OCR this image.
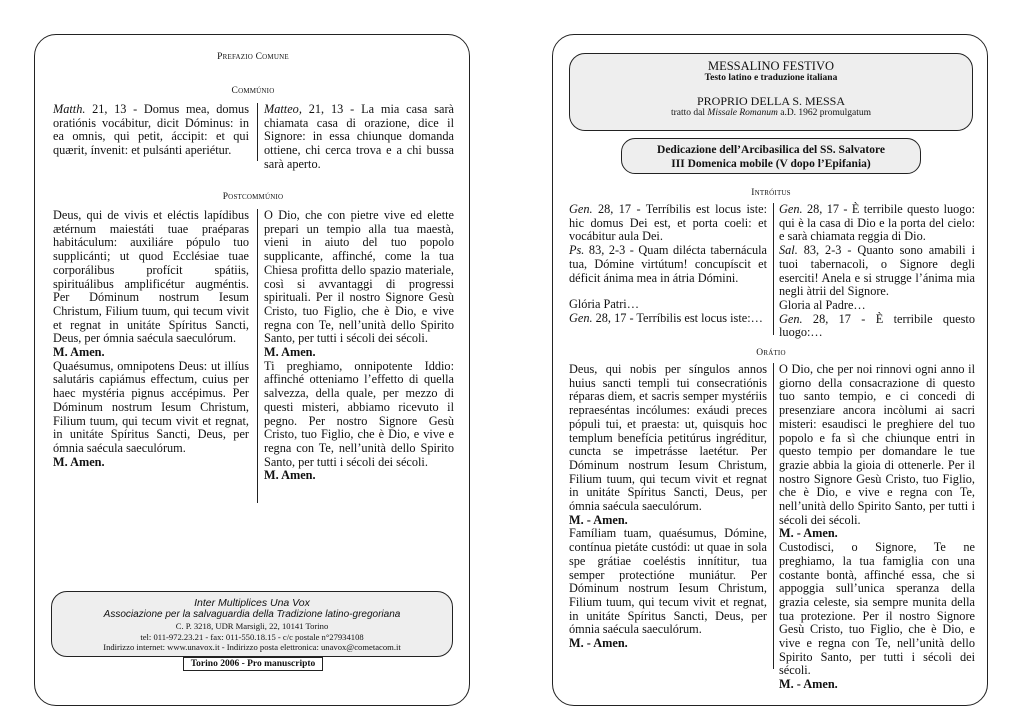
Prefazio Comune
Commúnio

Matth. 21, 13 - Domus mea, domus oratiónis vocábitur, dicit Dóminus: in ea omnis, qui petit, áccipit: et qui quærit, ínvenit: et pulsánti aperiétur.

Matteo, 21, 13 - La mia casa sarà chiamata casa di orazione, dice il Signore: in essa chiunque domanda ottiene, chi cerca trova e a chi bussa sarà aperto.

Postcommúnio

Deus, qui de vivis et eléctis lapídibus ætérnum maiestáti tuae praéparas habitáculum: auxiliáre pópulo tuo supplicánti; ut quod Ecclésiae tuae corporálibus profícit spátiis, spirituálibus amplificétur augméntis. Per Dóminum nostrum Iesum Christum, Filium tuum, qui tecum vivit et regnat in unitáte Spíritus Sancti, Deus, per ómnia saécula saeculórum.

M. Amen.

Quaésumus, omnipotens Deus: ut illíus salutáris capiámus effectum, cuius per haec mystéria pignus accépimus. Per Dóminum nostrum Iesum Christum, Filium tuum, qui tecum vivit et regnat, in unitáte Spíritus Sancti, Deus, per ómnia saécula saeculórum.

M. Amen.

O Dio, che con pietre vive ed elette prepari un tempio alla tua maestà, vieni in aiuto del tuo popolo supplicante, affinché, come la tua Chiesa profitta dello spazio materiale, così si avvantaggi di progressi spirituali. Per il nostro Signore Gesù Cristo, tuo Figlio, che è Dio, e vive regna con Te, nell’unità dello Spirito Santo, per tutti i sécoli dei sécoli.

M. Amen.

Ti preghiamo, onnipotente Iddio: affinché otteniamo l’effetto di quella salvezza, della quale, per mezzo di questi misteri, abbiamo ricevuto il pegno. Per nostro Signore Gesù Cristo, tuo Figlio, che è Dio, e vive e regna con Te, nell’unità dello Spirito Santo, per tutti i sécoli dei sécoli.

M. Amen.

Inter Multiplices Una Vox
Associazione per la salvaguardia della Tradizione latino-gregoriana
C. P. 3218, UDR Marsigli, 22, 10141 Torino
tel: 011-972.23.21 - fax: 011-550.18.15 - c/c postale n°27934108
Indirizzo internet: www.unavox.it - Indirizzo posta elettronica: unavox@cometacom.it
Torino 2006 - Pro manuscripto
MESSALINO FESTIVO
Testo latino e traduzione italiana
PROPRIO DELLA S. MESSA
tratto dal Missale Romanum a.D. 1962 promulgatum
Dedicazione dell’Arcibasilica del SS. Salvatore
III Domenica mobile (V dopo l’Epifania)
Intróitus

Gen. 28, 17 - Terríbilis est locus iste: hic domus Dei est, et porta coeli: et vocábitur aula Dei.

Ps. 83, 2-3 - Quam diléctа tabernácula tua, Dómine virtútum! concupíscit et déficit ánima mea in átria Dómini.

Glória Patri…

Gen. 28, 17 - Terríbilis est locus iste:…

Gen. 28, 17 - È terribile questo luogo: qui è la casa di Dio e la porta del cielo: e sarà chiamata reggia di Dio.

Sal. 83, 2-3 - Quanto sono amabili i tuoi tabernacoli, o Signore degli eserciti! Anela e si strugge l’ánima mia negli àtrii del Signore.

Gloria al Padre…

Gen. 28, 17 - È terribile questo luogo:…

Orátio

Deus, qui nobis per síngulos annos huius sancti templi tui consecratiónis réparas diem, et sacris semper mystériis repraeséntas incólumes: exáudi preces pópuli tui, et praesta: ut, quisquis hoc templum benefícia petitúrus ingréditur, cuncta se impetrásse laetétur. Per Dóminum nostrum Iesum Christum, Filium tuum, qui tecum vivit et regnat in unitáte Spíritus Sancti, Deus, per ómnia saécula saeculórum.

M. - Amen.

Famíliam tuam, quaésumus, Dómine, contínua pietáte custódi: ut quae in sola spe grátiae coeléstis innítitur, tua semper protectióne muniátur. Per Dóminum nostrum Iesum Christum, Filium tuum, qui tecum vivit et regnat, in unitáte Spíritus Sancti, Deus, per ómnia saécula saeculórum.

M. - Amen.

O Dio, che per noi rinnovi ogni anno il giorno della consacrazione di questo tuo santo tempio, e ci concedi di presenziare ancora incòlumi ai sacri misteri: esaudisci le preghiere del tuo popolo e fa sì che chiunque entri in questo tempio per domandare le tue grazie abbia la gioia di ottenerle. Per il nostro Signore Gesù Cristo, tuo Figlio, che è Dio, e vive e regna con Te, nell’unità dello Spirito Santo, per tutti i sécoli dei sécoli.

M. - Amen.

Custodisci, o Signore, Te ne preghiamo, la tua famiglia con una costante bontà, affinché essa, che si appoggia sull’unica speranza della grazia celeste, sia sempre munita della tua protezione. Per il nostro Signore Gesù Cristo, tuo Figlio, che è Dio, e vive e regna con Te, nell’unità dello Spirito Santo, per tutti i sécoli dei sécoli.

M. - Amen.
